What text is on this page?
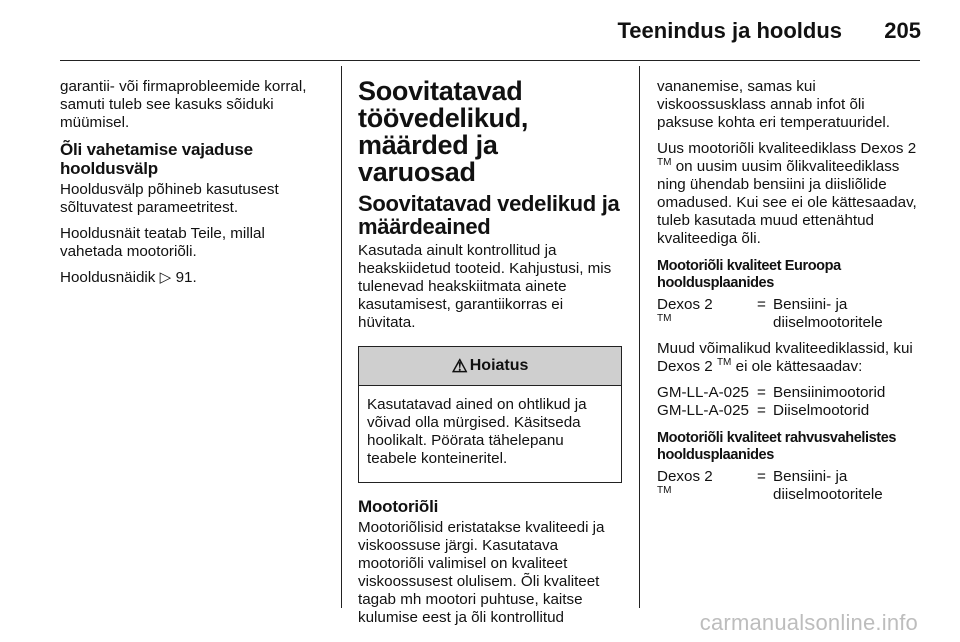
Teenindus ja hooldus 205

garantii- või firmaprobleemide korral, samuti tuleb see kasuks sõiduki müümisel.

Õli vahetamise vajaduse hooldusvälp

Hooldusvälp põhineb kasutusest sõltuvatest parameetritest.

Hooldusnäit teatab Teile, millal vahetada mootoriõli.

Hooldusnäidik ▷ 91.

Soovitatavad töövedelikud, määrded ja varuosad
Soovitatavad vedelikud ja määrdeained

Kasutada ainult kontrollitud ja heakskiidetud tooteid. Kahjustusi, mis tulenevad heakskiitmata ainete kasutamisest, garantiikorras ei hüvitata.

⚠ Hoiatus

Kasutatavad ained on ohtlikud ja võivad olla mürgised. Käsitseda hoolikalt. Pöörata tähelepanu teabele konteineritel.

Mootoriõli

Mootoriõlisid eristatakse kvaliteedi ja viskoossuse järgi. Kasutatava mootoriõli valimisel on kvaliteet viskoossusest olulisem. Õli kvaliteet tagab mh mootori puhtuse, kaitse kulumise eest ja õli kontrollitud

vananemise, samas kui viskoossusklass annab infot õli paksuse kohta eri temperatuuridel.

Uus mootoriõli kvaliteediklass Dexos 2 ™ on uusim uusim õlikvaliteediklass ning ühendab bensiini ja diisliõlide omadused. Kui see ei ole kättesaadav, tuleb kasutada muud ettenähtud kvaliteediga õli.

Mootoriõli kvaliteet Euroopa hooldusplaanides
Dexos 2
™
= Bensiini- ja diiselmootoritele

Muud võimalikud kvaliteediklassid, kui Dexos 2 ™ ei ole kättesaadav:

GM-LL-A-025 = Bensiinimootorid
GM-LL-A-025 = Diiselmootorid
Mootoriõli kvaliteet rahvusvahelistes hooldusplaanides
Dexos 2
™
= Bensiini- ja diiselmootoritele
carmanualsonline.info
